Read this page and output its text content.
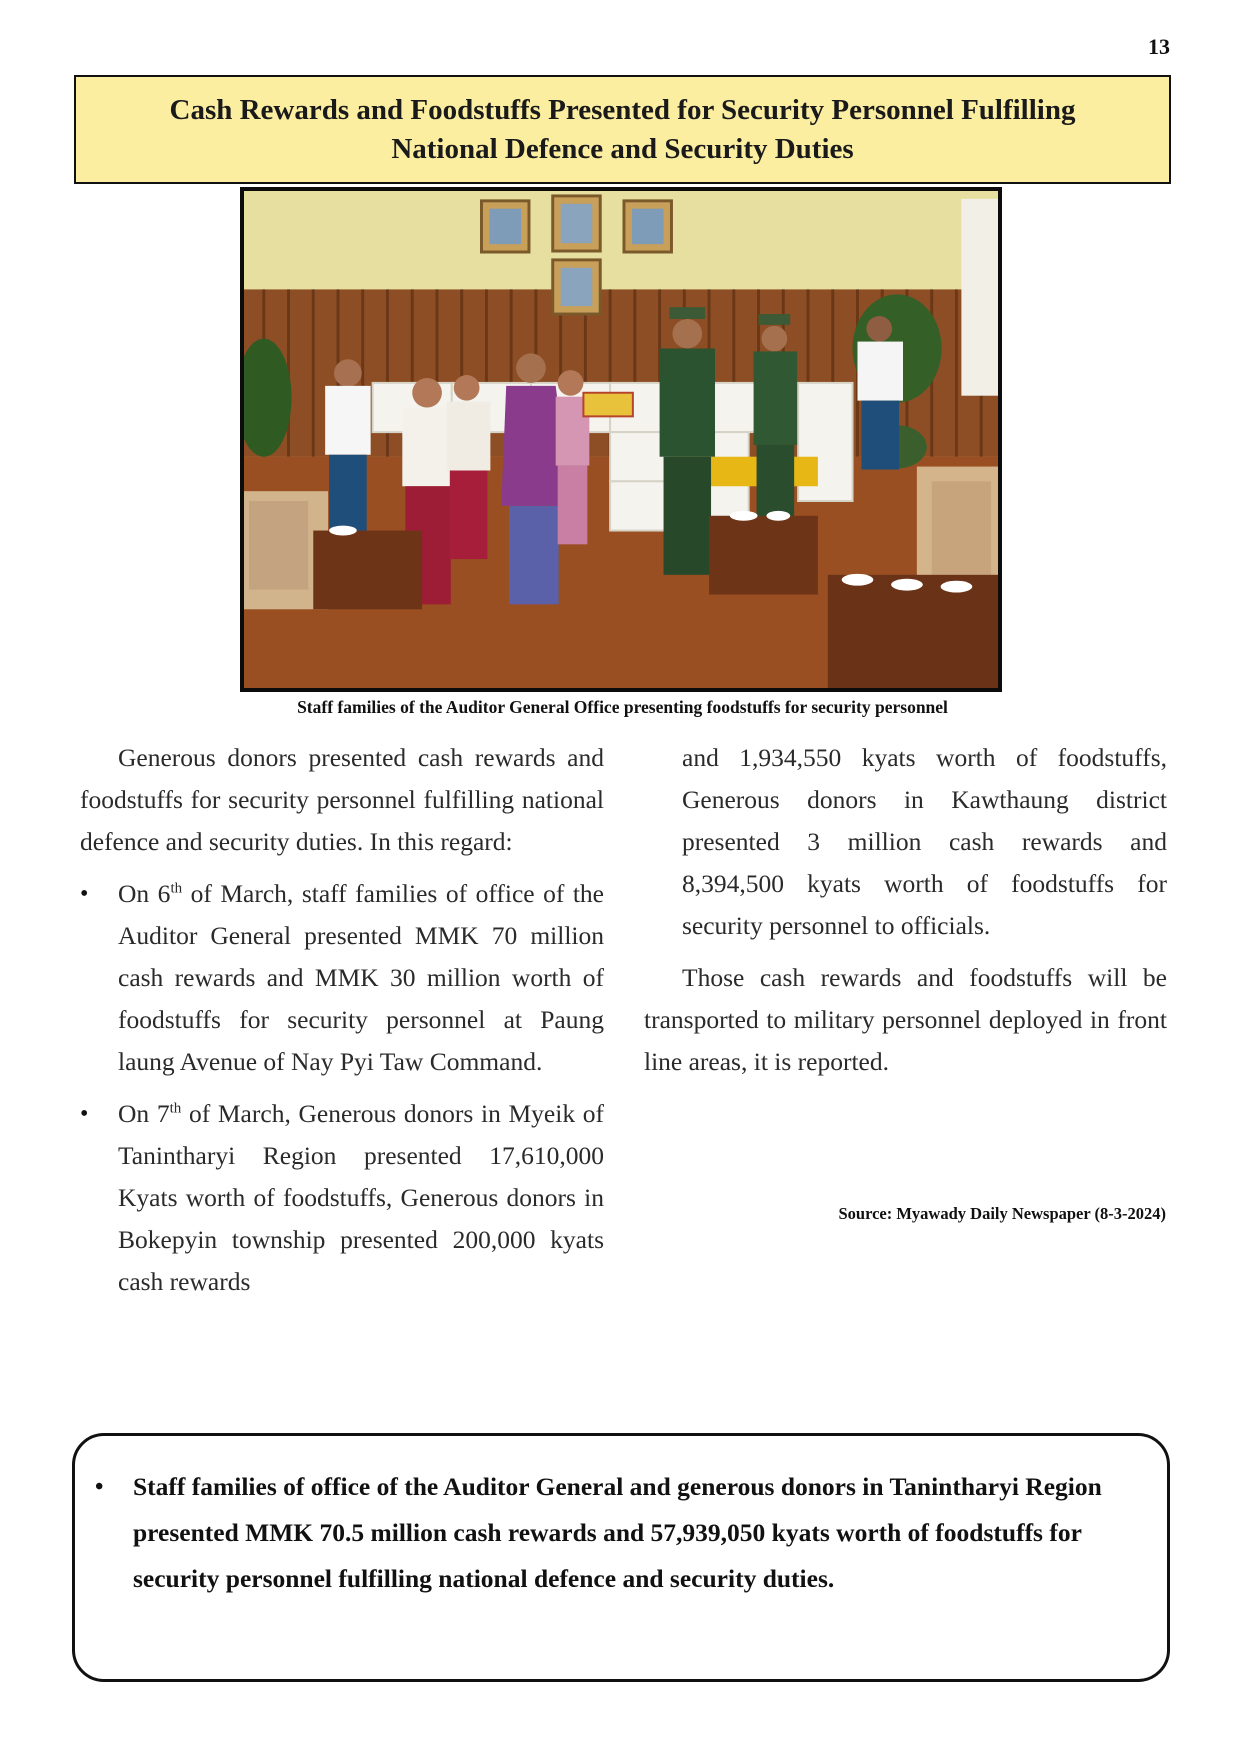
13
Cash Rewards and Foodstuffs Presented for Security Personnel Fulfilling National Defence and Security Duties
Staff families of the Auditor General Office presenting foodstuffs for security personnel

Generous donors presented cash rewards and foodstuffs for security personnel fulfilling national defence and security duties. In this regard:

• On 6th of March, staff families of office of the Auditor General presented MMK 70 million cash rewards and MMK 30 million worth of foodstuffs for security personnel at Paung laung Avenue of Nay Pyi Taw Command.
• On 7th of March, Generous donors in Myeik of Tanintharyi Region presented 17,610,000 Kyats worth of foodstuffs, Generous donors in Bokepyin township presented 200,000 kyats cash rewards

and 1,934,550 kyats worth of foodstuffs, Generous donors in Kawthaung district presented 3 million cash rewards and 8,394,500 kyats worth of foodstuffs for security personnel to officials.

Those cash rewards and foodstuffs will be transported to military personnel deployed in front line areas, it is reported.

Source: Myawady Daily Newspaper (8-3-2024)
• Staff families of office of the Auditor General and generous donors in Tanintharyi Region presented MMK 70.5 million cash rewards and 57,939,050 kyats worth of foodstuffs for security personnel fulfilling national defence and security duties.
